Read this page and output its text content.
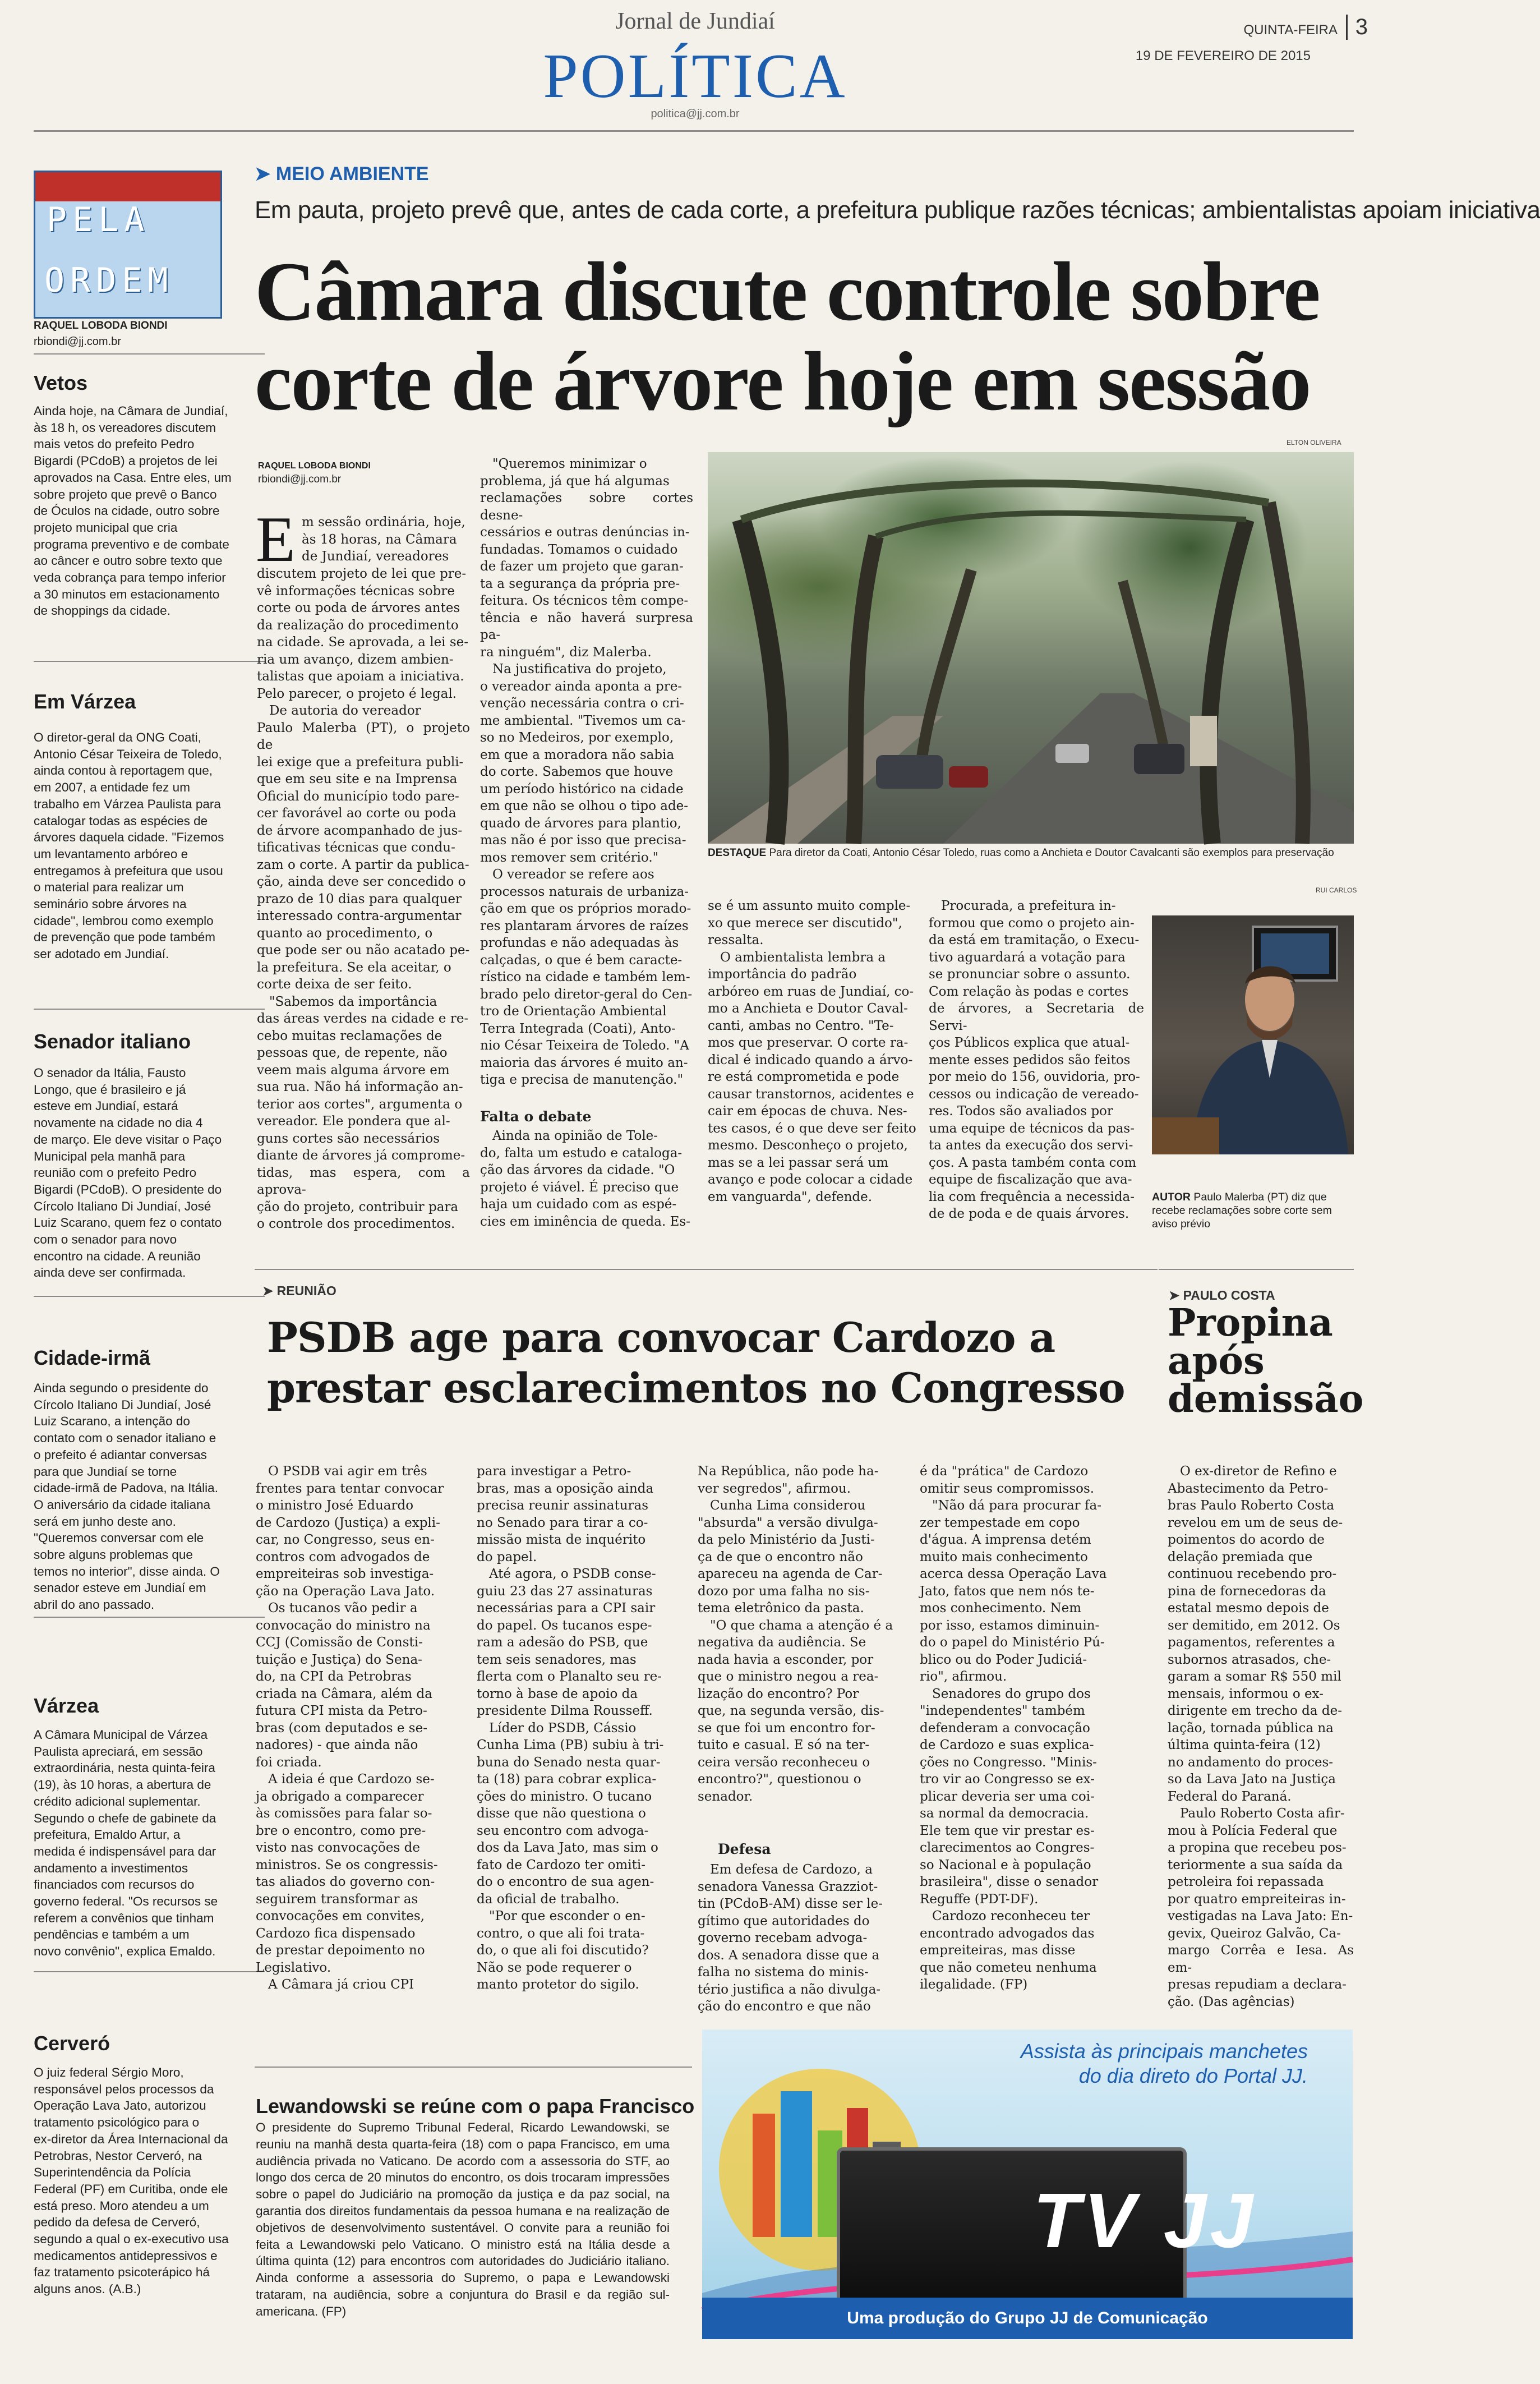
Jornal de Jundiaí
POLÍTICA
politica@jj.com.br
QUINTA-FEIRA 3
19 DE FEVEREIRO DE 2015
PELA
ORDEM
RAQUEL LOBODA BIONDI
rbiondi@jj.com.br
Vetos
Ainda hoje, na Câmara de Jundiaí,
às 18 h, os vereadores discutem
mais vetos do prefeito Pedro
Bigardi (PCdoB) a projetos de lei
aprovados na Casa. Entre eles, um
sobre projeto que prevê o Banco
de Óculos na cidade, outro sobre
projeto municipal que cria
programa preventivo e de combate
ao câncer e outro sobre texto que
veda cobrança para tempo inferior
a 30 minutos em estacionamento
de shoppings da cidade.
Em Várzea
O diretor-geral da ONG Coati,
Antonio César Teixeira de Toledo,
ainda contou à reportagem que,
em 2007, a entidade fez um
trabalho em Várzea Paulista para
catalogar todas as espécies de
árvores daquela cidade. "Fizemos
um levantamento arbóreo e
entregamos à prefeitura que usou
o material para realizar um
seminário sobre árvores na
cidade", lembrou como exemplo
de prevenção que pode também
ser adotado em Jundiaí.
Senador italiano
O senador da Itália, Fausto
Longo, que é brasileiro e já
esteve em Jundiaí, estará
novamente na cidade no dia 4
de março. Ele deve visitar o Paço
Municipal pela manhã para
reunião com o prefeito Pedro
Bigardi (PCdoB). O presidente do
Círcolo Italiano Di Jundiaí, José
Luiz Scarano, quem fez o contato
com o senador para novo
encontro na cidade. A reunião
ainda deve ser confirmada.
Cidade-irmã
Ainda segundo o presidente do
Círcolo Italiano Di Jundiaí, José
Luiz Scarano, a intenção do
contato com o senador italiano e
o prefeito é adiantar conversas
para que Jundiaí se torne
cidade-irmã de Padova, na Itália.
O aniversário da cidade italiana
será em junho deste ano.
"Queremos conversar com ele
sobre alguns problemas que
temos no interior", disse ainda. O
senador esteve em Jundiaí em
abril do ano passado.
Várzea
A Câmara Municipal de Várzea
Paulista apreciará, em sessão
extraordinária, nesta quinta-feira
(19), às 10 horas, a abertura de
crédito adicional suplementar.
Segundo o chefe de gabinete da
prefeitura, Emaldo Artur, a
medida é indispensável para dar
andamento a investimentos
financiados com recursos do
governo federal. "Os recursos se
referem a convênios que tinham
pendências e também a um
novo convênio", explica Emaldo.
Cerveró
O juiz federal Sérgio Moro,
responsável pelos processos da
Operação Lava Jato, autorizou
tratamento psicológico para o
ex-diretor da Área Internacional da
Petrobras, Nestor Cerveró, na
Superintendência da Polícia
Federal (PF) em Curitiba, onde ele
está preso. Moro atendeu a um
pedido da defesa de Cerveró,
segundo a qual o ex-executivo usa
medicamentos antidepressivos e
faz tratamento psicoterápico há
alguns anos. (A.B.)
➤ MEIO AMBIENTE
Em pauta, projeto prevê que, antes de cada corte, a prefeitura publique razões técnicas; ambientalistas apoiam iniciativa
Câmara discute controle sobre
corte de árvore hoje em sessão
RAQUEL LOBODA BIONDI
rbiondi@jj.com.br
E m sessão ordinária, hoje,
às 18 horas, na Câmara
de Jundiaí, vereadores
discutem projeto de lei que pre-
vê informações técnicas sobre
corte ou poda de árvores antes
da realização do procedimento
na cidade. Se aprovada, a lei se-
ria um avanço, dizem ambien-
talistas que apoiam a iniciativa.
Pelo parecer, o projeto é legal.
De autoria do vereador
Paulo Malerba (PT), o projeto de
lei exige que a prefeitura publi-
que em seu site e na Imprensa
Oficial do município todo pare-
cer favorável ao corte ou poda
de árvore acompanhado de jus-
tificativas técnicas que condu-
zam o corte. A partir da publica-
ção, ainda deve ser concedido o
prazo de 10 dias para qualquer
interessado contra-argumentar
quanto ao procedimento, o
que pode ser ou não acatado pe-
la prefeitura. Se ela aceitar, o
corte deixa de ser feito.
"Sabemos da importância
das áreas verdes na cidade e re-
cebo muitas reclamações de
pessoas que, de repente, não
veem mais alguma árvore em
sua rua. Não há informação an-
terior aos cortes", argumenta o
vereador. Ele pondera que al-
guns cortes são necessários
diante de árvores já comprome-
tidas, mas espera, com a aprova-
ção do projeto, contribuir para
o controle dos procedimentos.
"Queremos minimizar o
problema, já que há algumas
reclamações sobre cortes desne-
cessários e outras denúncias in-
fundadas. Tomamos o cuidado
de fazer um projeto que garan-
ta a segurança da própria pre-
feitura. Os técnicos têm compe-
tência e não haverá surpresa pa-
ra ninguém", diz Malerba.
Na justificativa do projeto,
o vereador ainda aponta a pre-
venção necessária contra o cri-
me ambiental. "Tivemos um ca-
so no Medeiros, por exemplo,
em que a moradora não sabia
do corte. Sabemos que houve
um período histórico na cidade
em que não se olhou o tipo ade-
quado de árvores para plantio,
mas não é por isso que precisa-
mos remover sem critério."
O vereador se refere aos
processos naturais de urbaniza-
ção em que os próprios morado-
res plantaram árvores de raízes
profundas e não adequadas às
calçadas, o que é bem caracte-
rístico na cidade e também lem-
brado pelo diretor-geral do Cen-
tro de Orientação Ambiental
Terra Integrada (Coati), Anto-
nio César Teixeira de Toledo. "A
maioria das árvores é muito an-
tiga e precisa de manutenção."
Falta o debate
Ainda na opinião de Tole-
do, falta um estudo e cataloga-
ção das árvores da cidade. "O
projeto é viável. É preciso que
haja um cuidado com as espé-
cies em iminência de queda. Es-
ELTON OLIVEIRA
DESTAQUE Para diretor da Coati, Antonio César Toledo, ruas como a Anchieta e Doutor Cavalcanti são exemplos para preservação
se é um assunto muito comple-
xo que merece ser discutido",
ressalta.
O ambientalista lembra a
importância do padrão
arbóreo em ruas de Jundiaí, co-
mo a Anchieta e Doutor Caval-
canti, ambas no Centro. "Te-
mos que preservar. O corte ra-
dical é indicado quando a árvo-
re está comprometida e pode
causar transtornos, acidentes e
cair em épocas de chuva. Nes-
tes casos, é o que deve ser feito
mesmo. Desconheço o projeto,
mas se a lei passar será um
avanço e pode colocar a cidade
em vanguarda", defende.
Procurada, a prefeitura in-
formou que como o projeto ain-
da está em tramitação, o Execu-
tivo aguardará a votação para
se pronunciar sobre o assunto.
Com relação às podas e cortes
de árvores, a Secretaria de Servi-
ços Públicos explica que atual-
mente esses pedidos são feitos
por meio do 156, ouvidoria, pro-
cessos ou indicação de vereado-
res. Todos são avaliados por
uma equipe de técnicos da pas-
ta antes da execução dos servi-
ços. A pasta também conta com
equipe de fiscalização que ava-
lia com frequência a necessida-
de de poda e de quais árvores.
RUI CARLOS
AUTOR Paulo Malerba (PT) diz que recebe reclamações sobre corte sem aviso prévio
➤ REUNIÃO
PSDB age para convocar Cardozo a
prestar esclarecimentos no Congresso
O PSDB vai agir em três
frentes para tentar convocar
o ministro José Eduardo
de Cardozo (Justiça) a expli-
car, no Congresso, seus en-
contros com advogados de
empreiteiras sob investiga-
ção na Operação Lava Jato.
Os tucanos vão pedir a
convocação do ministro na
CCJ (Comissão de Consti-
tuição e Justiça) do Sena-
do, na CPI da Petrobras
criada na Câmara, além da
futura CPI mista da Petro-
bras (com deputados e se-
nadores) - que ainda não
foi criada.
A ideia é que Cardozo se-
ja obrigado a comparecer
às comissões para falar so-
bre o encontro, como pre-
visto nas convocações de
ministros. Se os congressis-
tas aliados do governo con-
seguirem transformar as
convocações em convites,
Cardozo fica dispensado
de prestar depoimento no
Legislativo.
A Câmara já criou CPI
para investigar a Petro-
bras, mas a oposição ainda
precisa reunir assinaturas
no Senado para tirar a co-
missão mista de inquérito
do papel.
Até agora, o PSDB conse-
guiu 23 das 27 assinaturas
necessárias para a CPI sair
do papel. Os tucanos espe-
ram a adesão do PSB, que
tem seis senadores, mas
flerta com o Planalto seu re-
torno à base de apoio da
presidente Dilma Rousseff.
Líder do PSDB, Cássio
Cunha Lima (PB) subiu à tri-
buna do Senado nesta quar-
ta (18) para cobrar explica-
ções do ministro. O tucano
disse que não questiona o
seu encontro com advoga-
dos da Lava Jato, mas sim o
fato de Cardozo ter omiti-
do o encontro de sua agen-
da oficial de trabalho.
"Por que esconder o en-
contro, o que ali foi trata-
do, o que ali foi discutido?
Não se pode requerer o
manto protetor do sigilo.
Na República, não pode ha-
ver segredos", afirmou.
Cunha Lima considerou
"absurda" a versão divulga-
da pelo Ministério da Justi-
ça de que o encontro não
apareceu na agenda de Car-
dozo por uma falha no sis-
tema eletrônico da pasta.
"O que chama a atenção é a
negativa da audiência. Se
nada havia a esconder, por
que o ministro negou a rea-
lização do encontro? Por
que, na segunda versão, dis-
se que foi um encontro for-
tuito e casual. E só na ter-
ceira versão reconheceu o
encontro?", questionou o
senador.
Defesa
Em defesa de Cardozo, a
senadora Vanessa Grazziot-
tin (PCdoB-AM) disse ser le-
gítimo que autoridades do
governo recebam advoga-
dos. A senadora disse que a
falha no sistema do minis-
tério justifica a não divulga-
ção do encontro e que não
é da "prática" de Cardozo
omitir seus compromissos.
"Não dá para procurar fa-
zer tempestade em copo
d'água. A imprensa detém
muito mais conhecimento
acerca dessa Operação Lava
Jato, fatos que nem nós te-
mos conhecimento. Nem
por isso, estamos diminuin-
do o papel do Ministério Pú-
blico ou do Poder Judiciá-
rio", afirmou.
Senadores do grupo dos
"independentes" também
defenderam a convocação
de Cardozo e suas explica-
ções no Congresso. "Minis-
tro vir ao Congresso se ex-
plicar deveria ser uma coi-
sa normal da democracia.
Ele tem que vir prestar es-
clarecimentos ao Congres-
so Nacional e à população
brasileira", disse o senador
Reguffe (PDT-DF).
Cardozo reconheceu ter
encontrado advogados das
empreiteiras, mas disse
que não cometeu nenhuma
ilegalidade. (FP)
➤ PAULO COSTA
Propina após demissão
O ex-diretor de Refino e
Abastecimento da Petro-
bras Paulo Roberto Costa
revelou em um de seus de-
poimentos do acordo de
delação premiada que
continuou recebendo pro-
pina de fornecedoras da
estatal mesmo depois de
ser demitido, em 2012. Os
pagamentos, referentes a
subornos atrasados, che-
garam a somar R$ 550 mil
mensais, informou o ex-
dirigente em trecho da de-
lação, tornada pública na
última quinta-feira (12)
no andamento do proces-
so da Lava Jato na Justiça
Federal do Paraná.
Paulo Roberto Costa afir-
mou à Polícia Federal que
a propina que recebeu pos-
teriormente a sua saída da
petroleira foi repassada
por quatro empreiteiras in-
vestigadas na Lava Jato: En-
gevix, Queiroz Galvão, Ca-
margo Corrêa e Iesa. As em-
presas repudiam a declara-
ção. (Das agências)
Lewandowski se reúne com o papa Francisco
O presidente do Supremo Tribunal Federal, Ricardo Lewandowski, se reuniu na manhã desta quarta-feira (18) com o papa Francisco, em uma audiência privada no Vaticano. De acordo com a assessoria do STF, ao longo dos cerca de 20 minutos do encontro, os dois trocaram impressões sobre o papel do Judiciário na promoção da justiça e da paz social, na garantia dos direitos fundamentais da pessoa humana e na realização de objetivos de desenvolvimento sustentável. O convite para a reunião foi feita a Lewandowski pelo Vaticano. O ministro está na Itália desde a última quinta (12) para encontros com autoridades do Judiciário italiano. Ainda conforme a assessoria do Supremo, o papa e Lewandowski trataram, na audiência, sobre a conjuntura do Brasil e da região sul-americana. (FP)
Assista às principais manchetes
do dia direto do Portal JJ.
TV JJ
Uma produção do Grupo JJ de Comunicação
